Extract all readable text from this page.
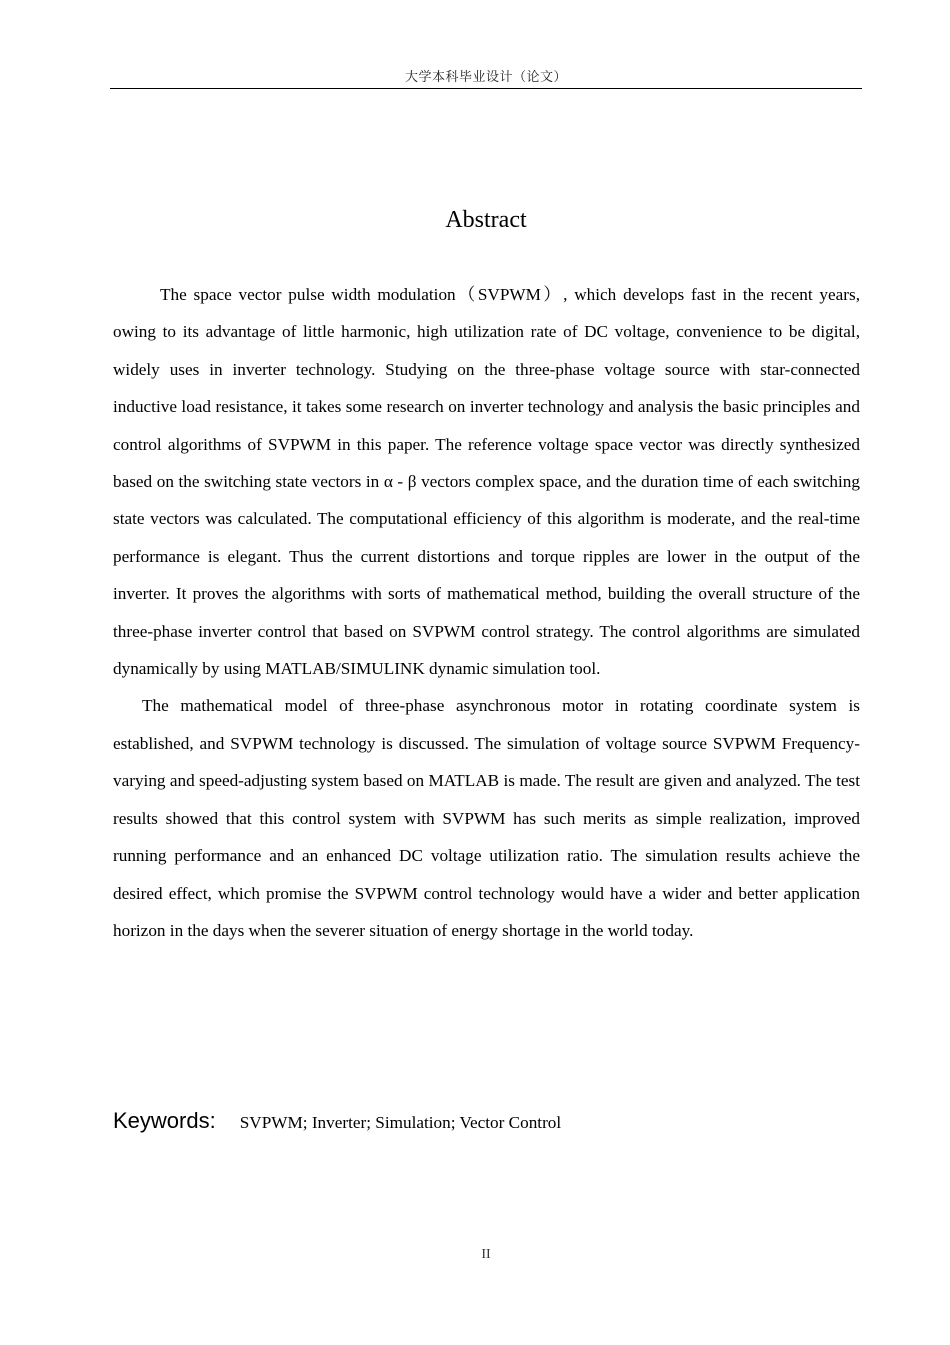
大学本科毕业设计（论文）
Abstract

The space vector pulse width modulation（SVPWM）, which develops fast in the recent years, owing to its advantage of little harmonic, high utilization rate of DC voltage, convenience to be digital, widely uses in inverter technology. Studying on the three-phase voltage source with star-connected inductive load resistance, it takes some research on inverter technology and analysis the basic principles and control algorithms of SVPWM in this paper. The reference voltage space vector was directly synthesized based on the switching state vectors in α - β vectors complex space, and the duration time of each switching state vectors was calculated. The computational efficiency of this algorithm is moderate, and the real-time performance is elegant. Thus the current distortions and torque ripples are lower in the output of the inverter. It proves the algorithms with sorts of mathematical method, building the overall structure of the three-phase inverter control that based on SVPWM control strategy. The control algorithms are simulated dynamically by using MATLAB/SIMULINK dynamic simulation tool.

The mathematical model of three-phase asynchronous motor in rotating coordinate system is established, and SVPWM technology is discussed. The simulation of voltage source SVPWM Frequency-varying and speed-adjusting system based on MATLAB is made. The result are given and analyzed. The test results showed that this control system with SVPWM has such merits as simple realization, improved running performance and an enhanced DC voltage utilization ratio. The simulation results achieve the desired effect, which promise the SVPWM control technology would have a wider and better application horizon in the days when the severer situation of energy shortage in the world today.

Keywords: SVPWM; Inverter; Simulation; Vector Control
II
